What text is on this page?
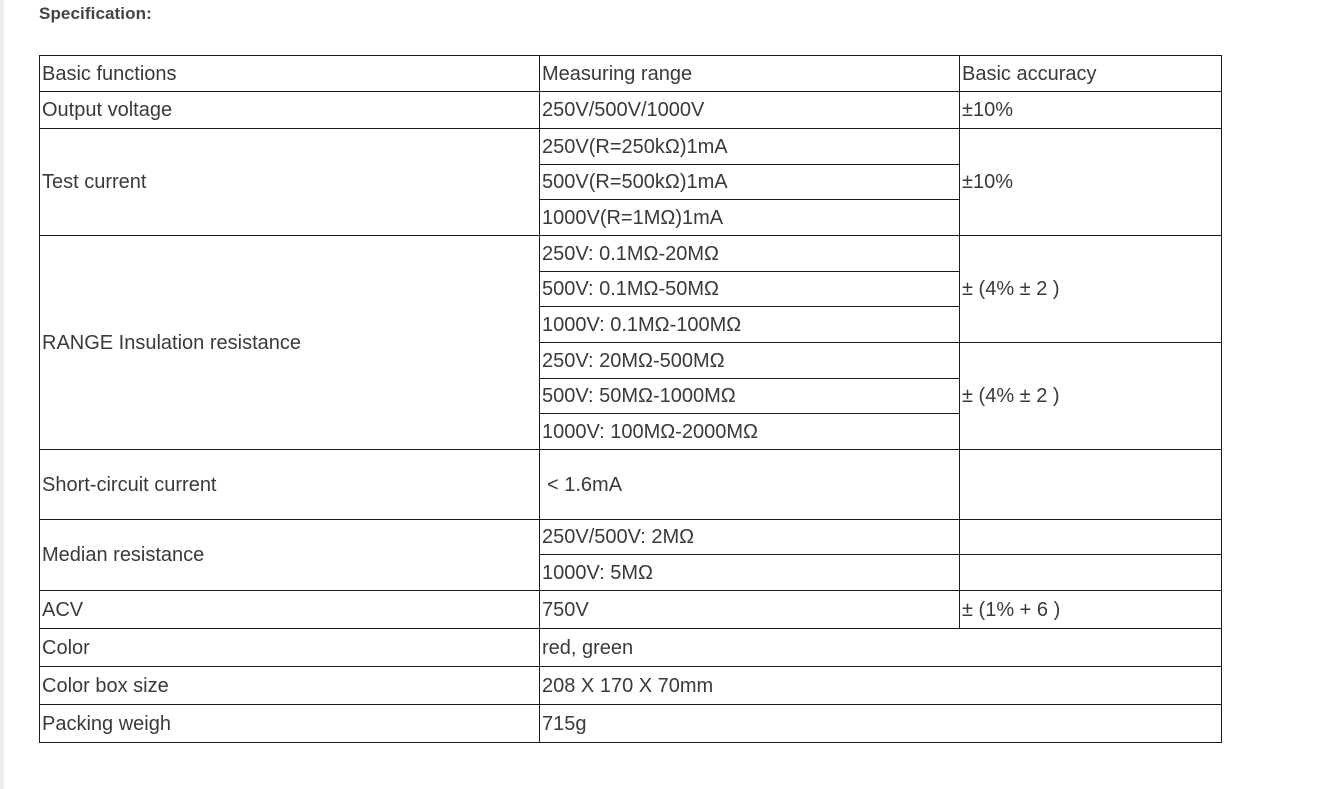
Specification:
Basic functions	Measuring range	Basic accuracy
Output voltage	250V/500V/1000V	±10%
Test current	250V(R=250kΩ)1mA	±10%
	500V(R=500kΩ)1mA	
	1000V(R=1MΩ)1mA	
RANGE Insulation resistance	250V: 0.1MΩ-20MΩ	± (4% ± 2 )
	500V: 0.1MΩ-50MΩ	
	1000V: 0.1MΩ-100MΩ	
	250V: 20MΩ-500MΩ	± (4% ± 2 )
	500V: 50MΩ-1000MΩ	
	1000V: 100MΩ-2000MΩ	
Short-circuit current	< 1.6mA	
Median resistance	250V/500V: 2MΩ	
	1000V: 5MΩ	
ACV	750V	± (1% + 6 )
Color	red, green	
Color box size	208 X 170 X 70mm	
Packing weigh	715g	
